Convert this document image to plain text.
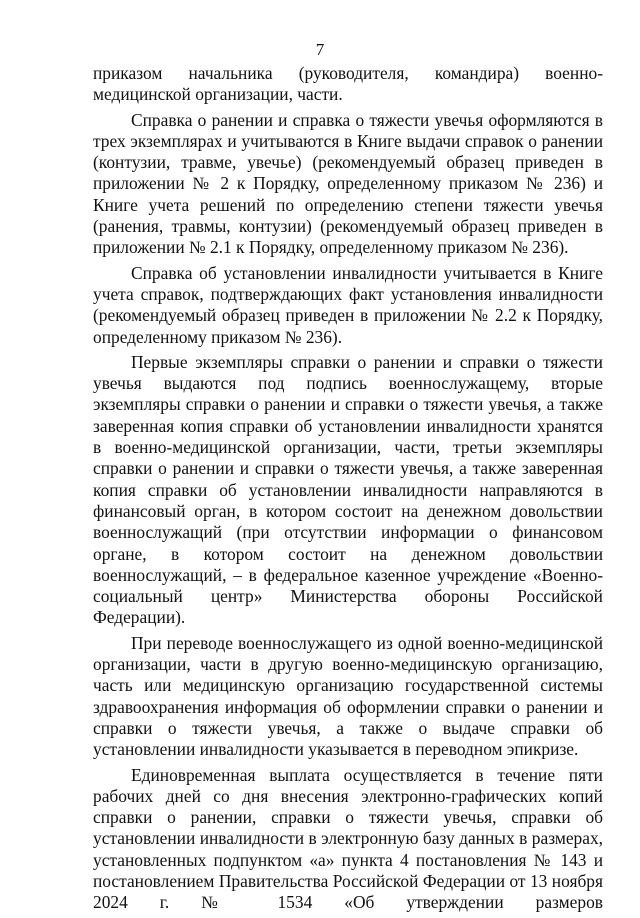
7

приказом начальника (руководителя, командира) военно-медицинской организации, части.

Справка о ранении и справка о тяжести увечья оформляются в трех экземплярах и учитываются в Книге выдачи справок о ранении (контузии, травме, увечье) (рекомендуемый образец приведен в приложении № 2 к Порядку, определенному приказом № 236) и Книге учета решений по определению степени тяжести увечья (ранения, травмы, контузии) (рекомендуемый образец приведен в приложении № 2.1 к Порядку, определенному приказом № 236).

Справка об установлении инвалидности учитывается в Книге учета справок, подтверждающих факт установления инвалидности (рекомендуемый образец приведен в приложении № 2.2 к Порядку, определенному приказом № 236).

Первые экземпляры справки о ранении и справки о тяжести увечья выдаются под подпись военнослужащему, вторые экземпляры справки о ранении и справки о тяжести увечья, а также заверенная копия справки об установлении инвалидности хранятся в военно-медицинской организации, части, третьи экземпляры справки о ранении и справки о тяжести увечья, а также заверенная копия справки об установлении инвалидности направляются в финансовый орган, в котором состоит на денежном довольствии военнослужащий (при отсутствии информации о финансовом органе, в котором состоит на денежном довольствии военнослужащий, – в федеральное казенное учреждение «Военно-социальный центр» Министерства обороны Российской Федерации).

При переводе военнослужащего из одной военно-медицинской организации, части в другую военно-медицинскую организацию, часть или медицинскую организацию государственной системы здравоохранения информация об оформлении справки о ранении и справки о тяжести увечья, а также о выдаче справки об установлении инвалидности указывается в переводном эпикризе.

Единовременная выплата осуществляется в течение пяти рабочих дней со дня внесения электронно-графических копий справки о ранении, справки о тяжести увечья, справки об установлении инвалидности в электронную базу данных в размерах, установленных подпунктом «а» пункта 4 постановления № 143 и постановлением Правительства Российской Федерации от 13 ноября 2024 г. № 1534 «Об утверждении размеров
